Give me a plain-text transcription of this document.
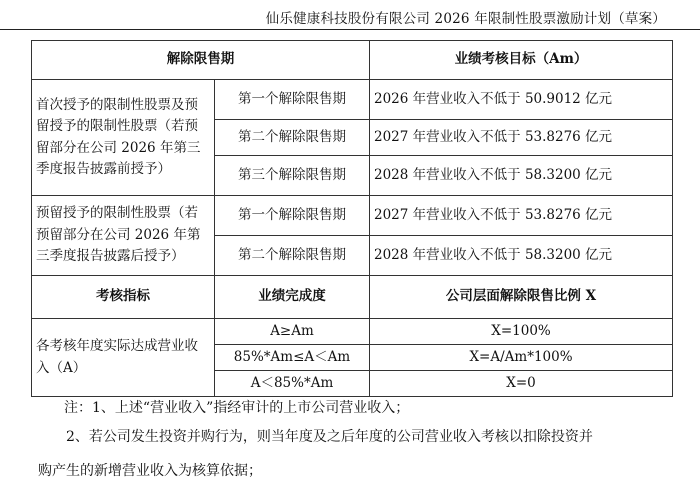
仙乐健康科技股份有限公司 2026 年限制性股票激励计划（草案）
解除限售期		业绩考核目标（Am）
首次授予的限制性股票及预留授予的限制性股票（若预留部分在公司 2026 年第三季度报告披露前授予）	第一个解除限售期	2026 年营业收入不低于 50.9012 亿元
	第二个解除限售期	2027 年营业收入不低于 53.8276 亿元
	第三个解除限售期	2028 年营业收入不低于 58.3200 亿元
预留授予的限制性股票（若预留部分在公司 2026 年第三季度报告披露后授予）	第一个解除限售期	2027 年营业收入不低于 53.8276 亿元
	第二个解除限售期	2028 年营业收入不低于 58.3200 亿元
考核指标	业绩完成度	公司层面解除限售比例 X
各考核年度实际达成营业收入（A）	A≥Am	X=100%
	85%*Am≤A＜Am	X=A/Am*100%
	A＜85%*Am	X=0
注：1、上述“营业收入”指经审计的上市公司营业收入；
2、若公司发生投资并购行为，则当年度及之后年度的公司营业收入考核以扣除投资并
购产生的新增营业收入为核算依据；
